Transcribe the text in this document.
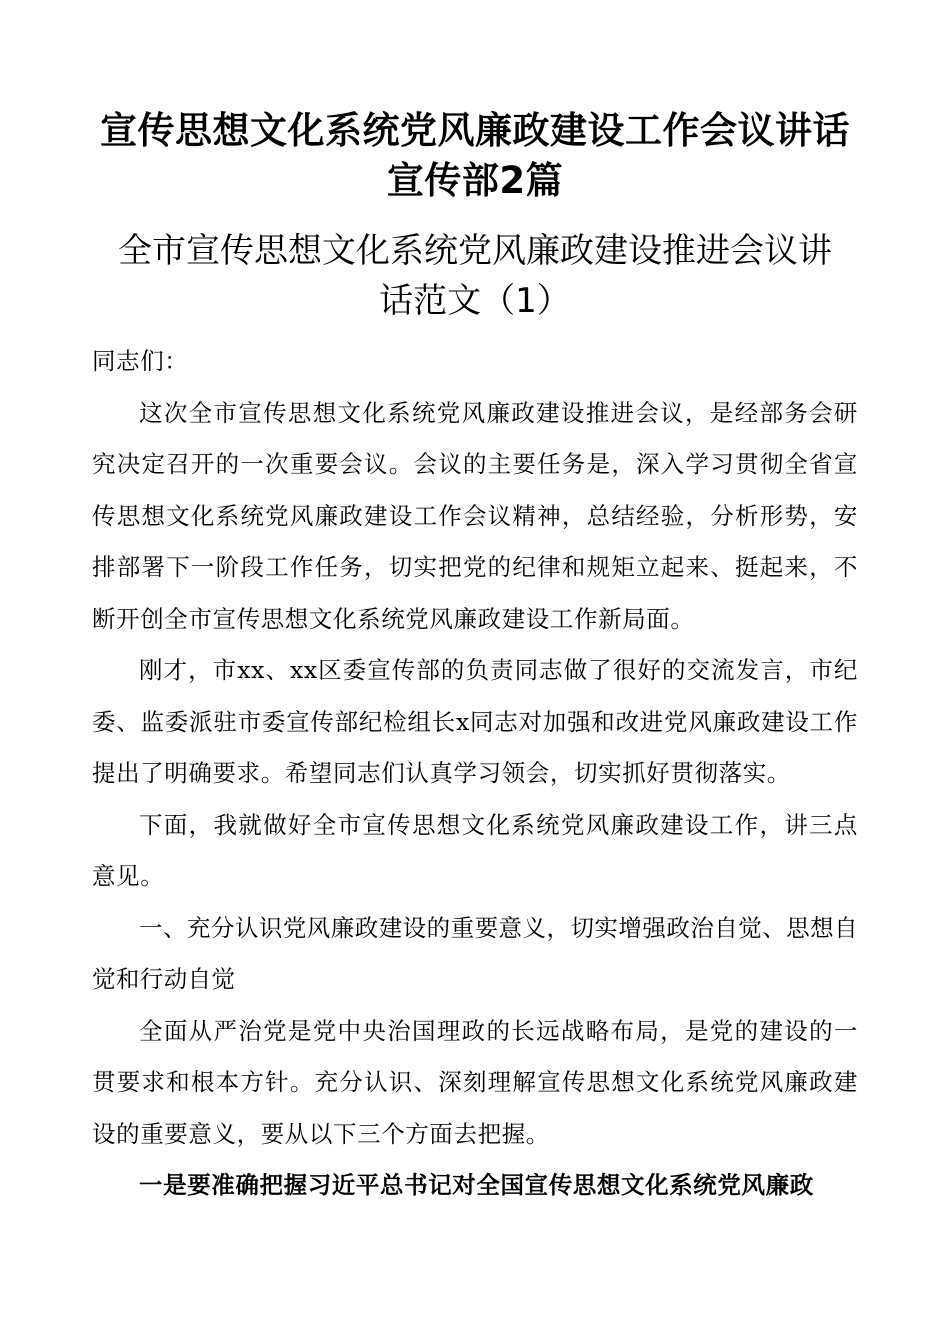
宣传思想文化系统党风廉政建设工作会议讲话
宣传部2篇
全市宣传思想文化系统党风廉政建设推进会议讲
话范文（1）

同志们：

这次全市宣传思想文化系统党风廉政建设推进会议，是经部务会研究决定召开的一次重要会议。会议的主要任务是，深入学习贯彻全省宣传思想文化系统党风廉政建设工作会议精神，总结经验，分析形势，安排部署下一阶段工作任务，切实把党的纪律和规矩立起来、挺起来，不断开创全市宣传思想文化系统党风廉政建设工作新局面。

刚才，市xx、xx区委宣传部的负责同志做了很好的交流发言，市纪委、监委派驻市委宣传部纪检组长x同志对加强和改进党风廉政建设工作提出了明确要求。希望同志们认真学习领会，切实抓好贯彻落实。

下面，我就做好全市宣传思想文化系统党风廉政建设工作，讲三点意见。

一、充分认识党风廉政建设的重要意义，切实增强政治自觉、思想自觉和行动自觉

全面从严治党是党中央治国理政的长远战略布局，是党的建设的一贯要求和根本方针。充分认识、深刻理解宣传思想文化系统党风廉政建设的重要意义，要从以下三个方面去把握。

一是要准确把握习近平总书记对全国宣传思想文化系统党风廉政
